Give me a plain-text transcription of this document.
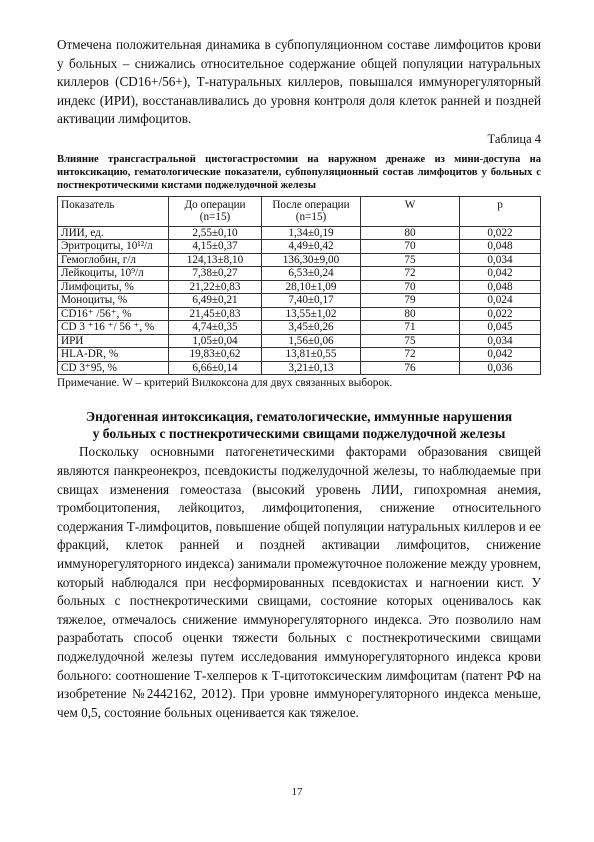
Отмечена положительная динамика в субпопуляционном составе лимфоцитов крови у больных – снижались относительное содержание общей популяции натуральных киллеров (CD16+/56+), Т-натуральных киллеров, повышался иммунорегуляторный индекс (ИРИ), восстанавливались до уровня контроля доля клеток ранней и поздней активации лимфоцитов.

Таблица 4

Влияние трансгастральной цистогастростомии на наружном дренаже из мини-доступа на интоксикацию, гематологические показатели, субпопуляционный состав лимфоцитов у больных с постнекротическими кистами поджелудочной железы

Показатель	До операции (n=15)	После операции (n=15)	W	p
ЛИИ, ед.	2,55±0,10	1,34±0,19	80	0,022
Эритроциты, 10¹²/л	4,15±0,37	4,49±0,42	70	0,048
Гемоглобин, г/л	124,13±8,10	136,30±9,00	75	0,034
Лейкоциты, 10⁹/л	7,38±0,27	6,53±0,24	72	0,042
Лимфоциты, %	21,22±0,83	28,10±1,09	70	0,048
Моноциты, %	6,49±0,21	7,40±0,17	79	0,024
CD16⁺ /56⁺, %	21,45±0,83	13,55±1,02	80	0,022
CD 3 ⁺16 ⁺/ 56 ⁺, %	4,74±0,35	3,45±0,26	71	0,045
ИРИ	1,05±0,04	1,56±0,06	75	0,034
HLA-DR, %	19,83±0,62	13,81±0,55	72	0,042
CD 3⁺95, %	6,66±0,14	3,21±0,13	76	0,036

Примечание. W – критерий Вилкоксона для двух связанных выборок.

Эндогенная интоксикация, гематологические, иммунные нарушения
у больных с постнекротическими свищами поджелудочной железы

Поскольку основными патогенетическими факторами образования свищей являются панкреонекроз, псевдокисты поджелудочной железы, то наблюдаемые при свищах изменения гомеостаза (высокий уровень ЛИИ, гипохромная анемия, тромбоцитопения, лейкоцитоз, лимфоцитопения, снижение относительного содержания Т-лимфоцитов, повышение общей популяции натуральных киллеров и ее фракций, клеток ранней и поздней активации лимфоцитов, снижение иммунорегуляторного индекса) занимали промежуточное положение между уровнем, который наблюдался при несформированных псевдокистах и нагноении кист. У больных с постнекротическими свищами, состояние которых оценивалось как тяжелое, отмечалось снижение иммунорегуляторного индекса. Это позволило нам разработать способ оценки тяжести больных с постнекротическими свищами поджелудочной железы путем исследования иммунорегуляторного индекса крови больного: соотношение Т-хелперов к Т-цитотоксическим лимфоцитам (патент РФ на изобретение №2442162, 2012). При уровне иммунорегуляторного индекса меньше, чем 0,5, состояние больных оценивается как тяжелое.

17
